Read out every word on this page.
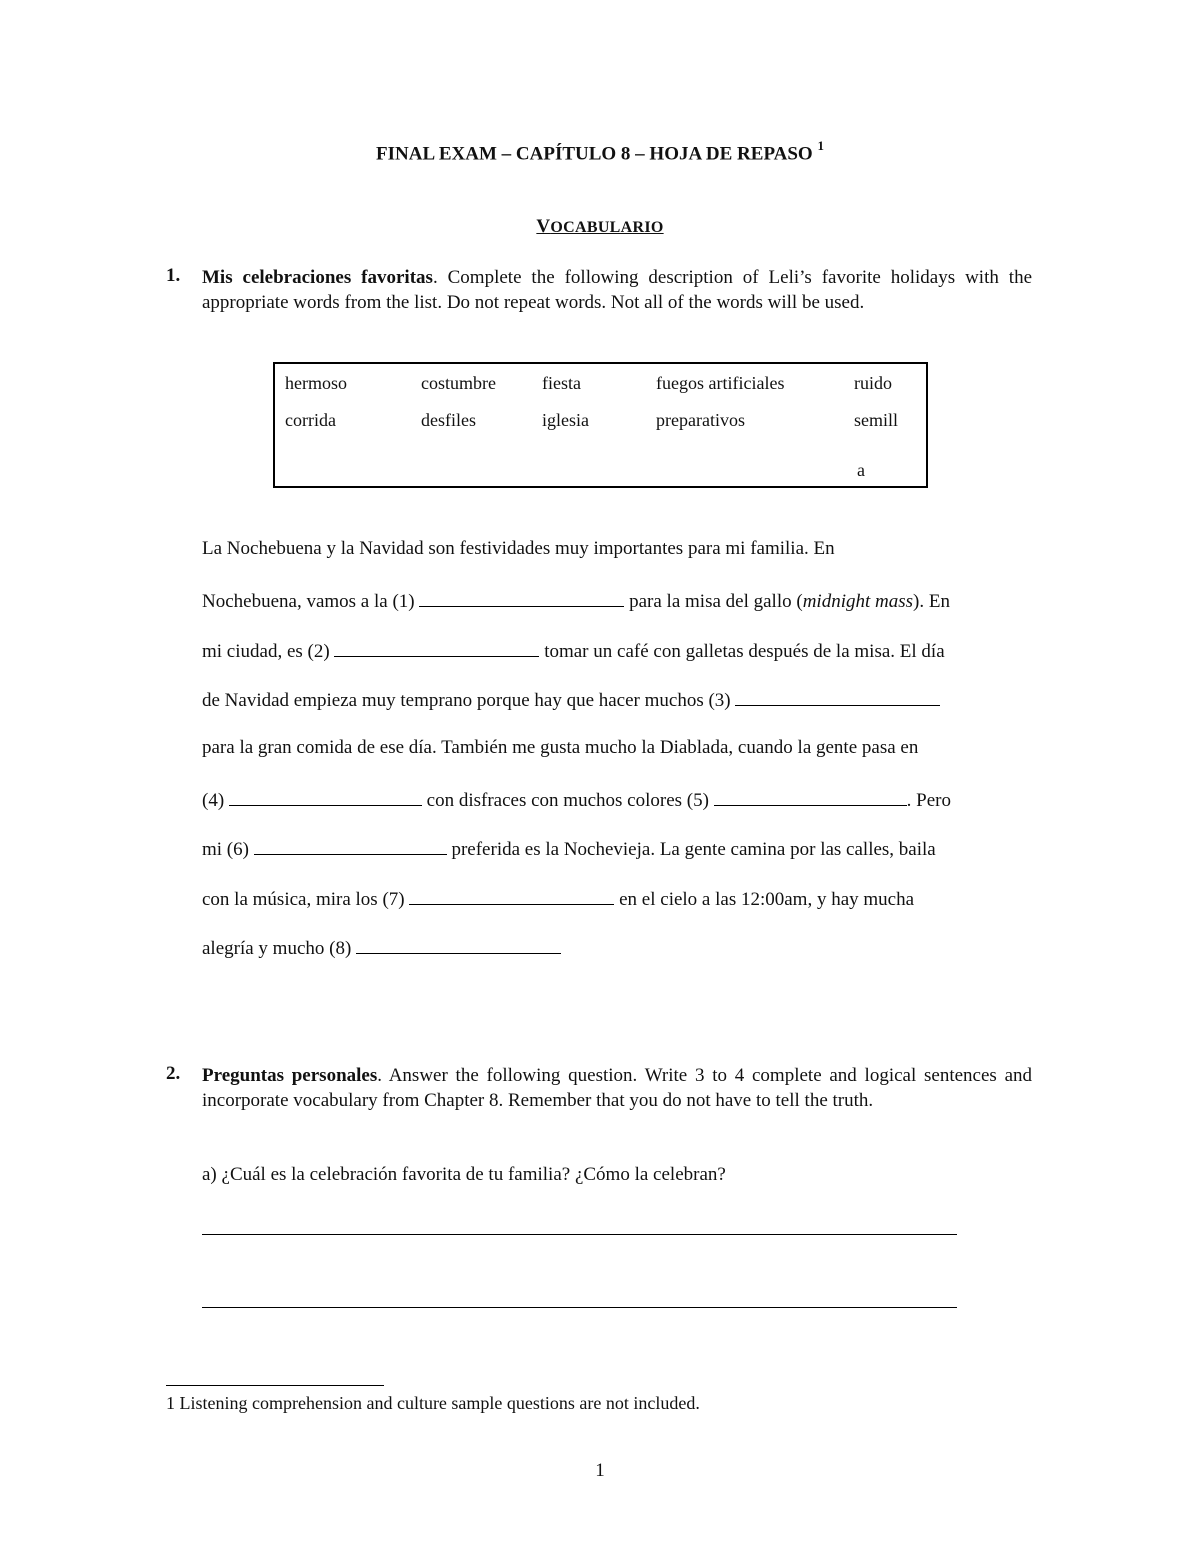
FINAL EXAM – CAPÍTULO 8 – HOJA DE REPASO $^1$
VOCABULARIO
1. Mis celebraciones favoritas. Complete the following description of Leli’s favorite holidays with the appropriate words from the list. Do not repeat words. Not all of the words will be used.
hermoso	costumbre	fiesta	fuegos artificiales	ruido
corrida	desfiles	iglesia	preparativos	semill
a
La Nochebuena y la Navidad son festividades muy importantes para mi familia. En
Nochebuena, vamos a la (1)	para la misa del gallo (midnight mass). En
mi ciudad, es (2)	tomar un café con galletas después de la misa. El día
de Navidad empieza muy temprano porque hay que hacer muchos (3)
para la gran comida de ese día. También me gusta mucho la Diablada, cuando la gente pasa en
(4)	con disfraces con muchos colores (5)	. Pero
mi (6)	preferida es la Nochevieja. La gente camina por las calles, baila
con la música, mira los (7)	en el cielo a las 12:00am, y hay mucha
alegría y mucho (8)
2. Preguntas personales. Answer the following question. Write 3 to 4 complete and logical sentences and incorporate vocabulary from Chapter 8. Remember that you do not have to tell the truth.
a) ¿Cuál es la celebración favorita de tu familia? ¿Cómo la celebran?
1 Listening comprehension and culture sample questions are not included.
1
